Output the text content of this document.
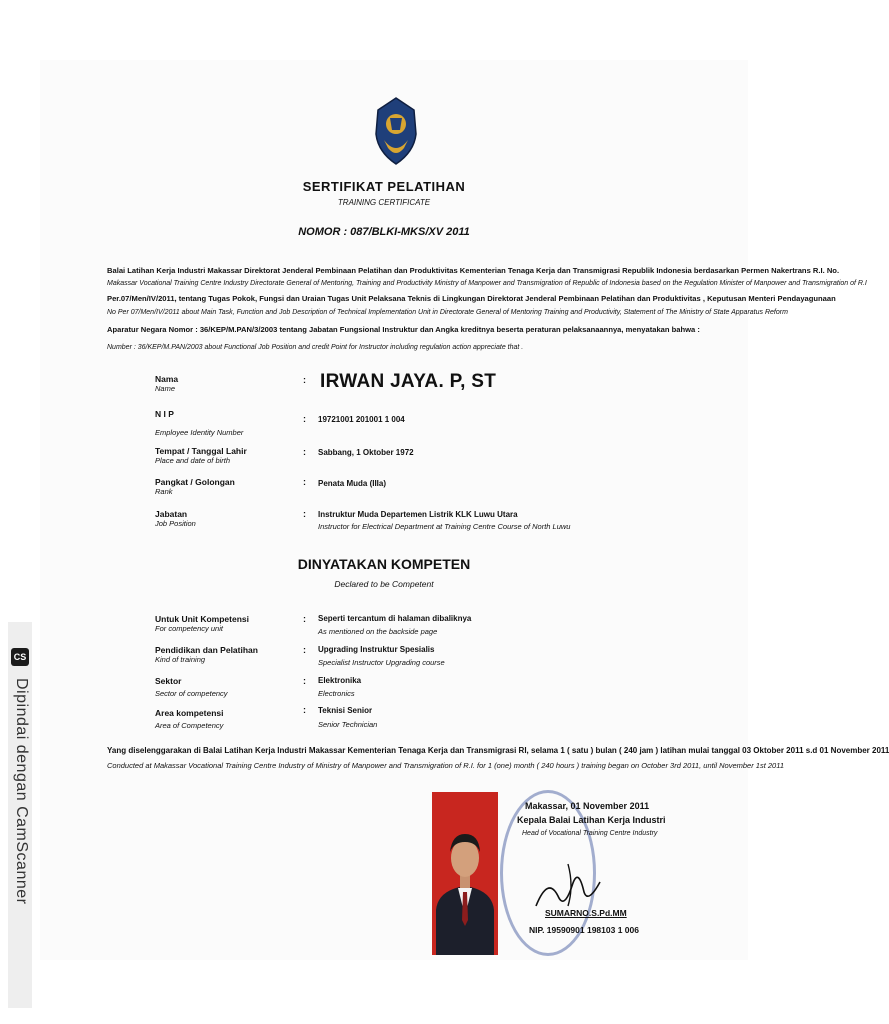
SERTIFIKAT PELATIHAN
TRAINING CERTIFICATE
NOMOR : 087/BLKI-MKS/XV 2011
Balai Latihan Kerja Industri Makassar Direktorat Jenderal Pembinaan Pelatihan dan Produktivitas Kementerian Tenaga Kerja dan Transmigrasi Republik Indonesia berdasarkan Permen Nakertrans R.I. No.
Makassar Vocational Training Centre Industry Directorate General of Mentoring, Training and Productivity Ministry of Manpower and Transmigration of Republic of Indonesia based on the Regulation Minister of Manpower and Transmigration of R.I
Per.07/Men/IV/2011, tentang Tugas Pokok, Fungsi dan Uraian Tugas Unit Pelaksana Teknis di Lingkungan Direktorat Jenderal Pembinaan Pelatihan dan Produktivitas , Keputusan Menteri Pendayagunaan
No Per 07/Men/IV/2011 about Main Task, Function and Job Description of Technical Implementation Unit in Directorate General of Mentoring Training and Productivity, Statement of The Ministry of State Apparatus Reform
Aparatur Negara Nomor : 36/KEP/M.PAN/3/2003 tentang Jabatan Fungsional Instruktur dan Angka kreditnya beserta peraturan pelaksanaannya, menyatakan bahwa :
Number : 36/KEP/M.PAN/2003 about Functional Job Position and credit Point for Instructor including regulation action appreciate that .
Nama
Name
: IRWAN JAYA. P, ST
N I P
Employee Identity Number
: 19721001 201001 1 004
Tempat / Tanggal Lahir
Place and date of birth
: Sabbang, 1 Oktober 1972
Pangkat / Golongan
Rank
: Penata Muda (IIIa)
Jabatan
Job Position
: Instruktur Muda Departemen Listrik KLK Luwu Utara
Instructor for Electrical Department at Training Centre Course of North Luwu
DINYATAKAN KOMPETEN
Declared to be Competent
Untuk Unit Kompetensi
For competency unit
: Seperti tercantum di halaman dibaliknya
As mentioned on the backside page
Pendidikan dan Pelatihan
Kind of training
: Upgrading Instruktur Spesialis
Specialist Instructor Upgrading course
Sektor
Sector of competency
: Elektronika
Electronics
Area kompetensi
Area of Competency
: Teknisi Senior
Senior Technician
Yang diselenggarakan di Balai Latihan Kerja Industri Makassar Kementerian Tenaga Kerja dan Transmigrasi RI, selama 1 ( satu ) bulan ( 240 jam ) latihan mulai tanggal 03 Oktober 2011 s.d 01 November 2011
Conducted at Makassar Vocational Training Centre Industry of Ministry of Manpower and Transmigration of R.I. for 1 (one) month ( 240 hours ) training began on October 3rd 2011, until November 1st 2011
Makassar, 01 November 2011
Kepala Balai Latihan Kerja Industri
Head of Vocational Training Centre Industry
SUMARNO.S.Pd.MM
NIP. 19590901 198103 1 006
CS
Dipindai dengan CamScanner
